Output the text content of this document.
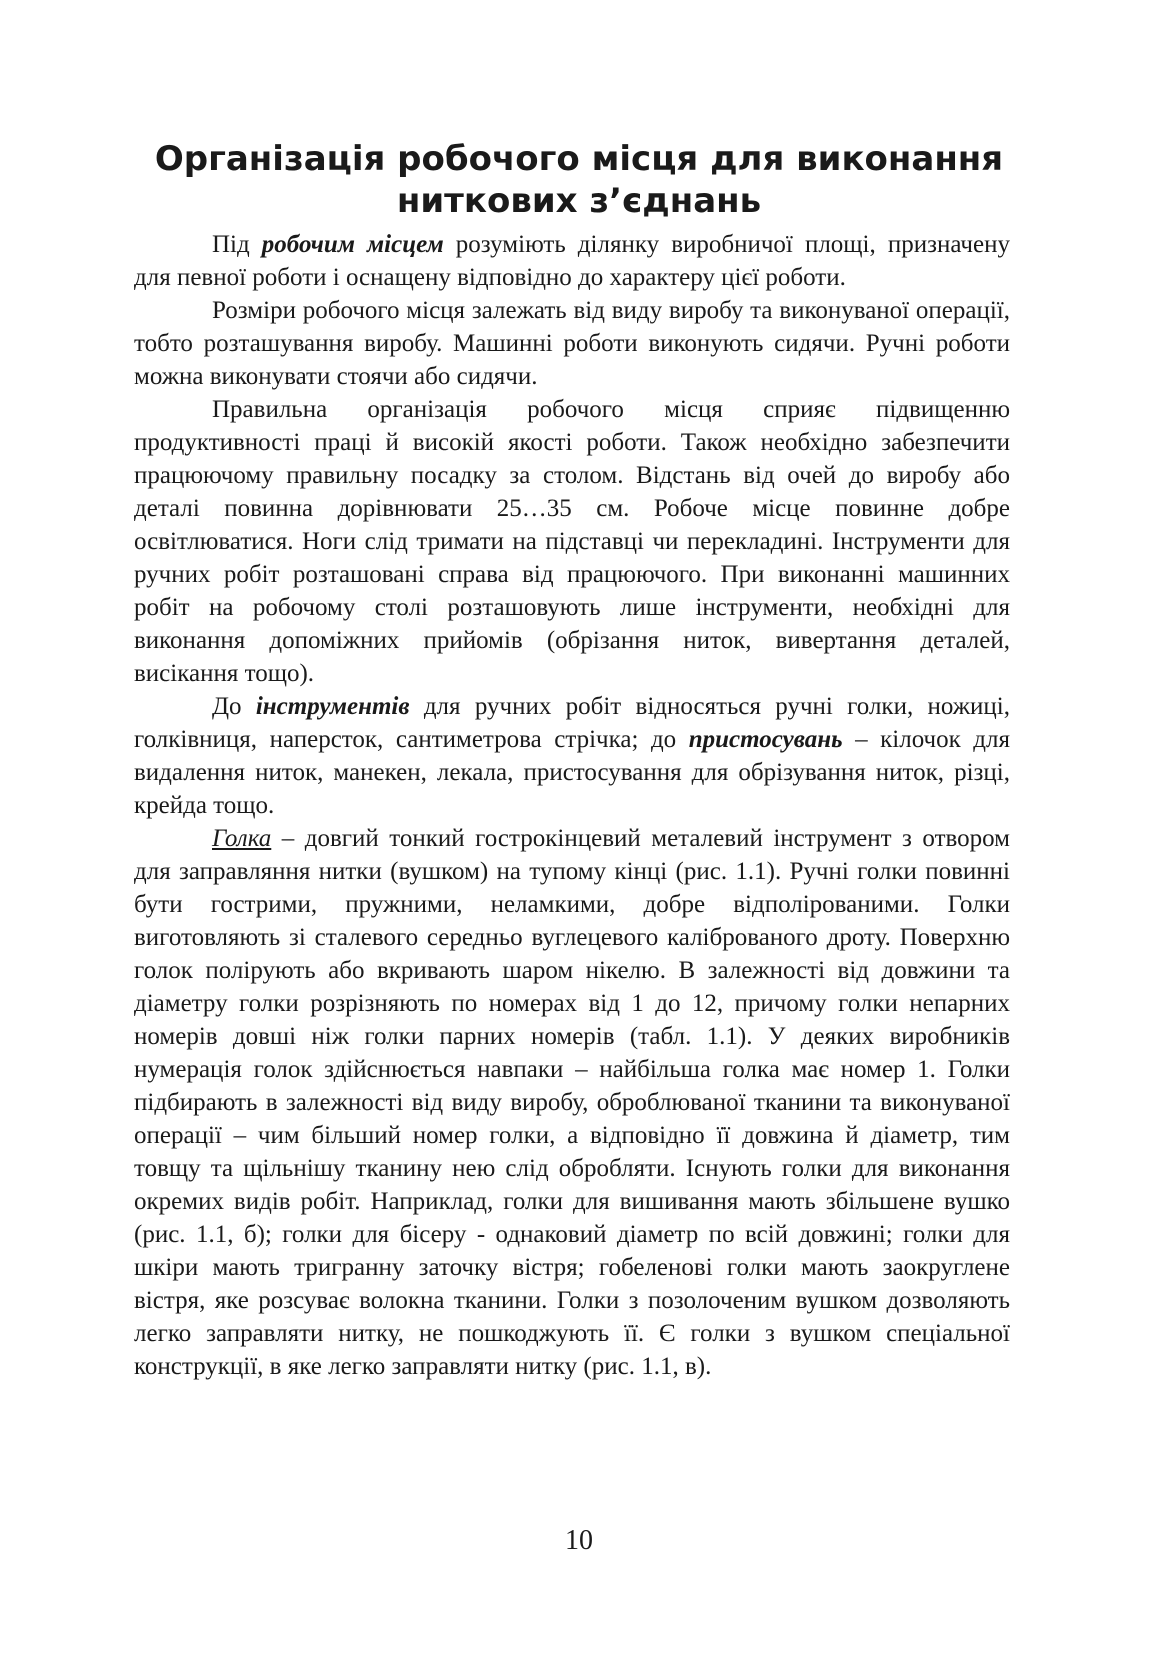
Організація робочого місця для виконання
ниткових з’єднань

Під робочим місцем розуміють ділянку виробничої площі, призначену для певної роботи і оснащену відповідно до характеру цієї роботи.

Розміри робочого місця залежать від виду виробу та виконуваної операції, тобто розташування виробу. Машинні роботи виконують сидячи. Ручні роботи можна виконувати стоячи або сидячи.

Правильна організація робочого місця сприяє підвищенню продуктивності праці й високій якості роботи. Також необхідно забезпечити працюючому правильну посадку за столом. Відстань від очей до виробу або деталі повинна дорівнювати 25…35 см. Робоче місце повинне добре освітлюватися. Ноги слід тримати на підставці чи перекладині. Інструменти для ручних робіт розташовані справа від працюючого. При виконанні машинних робіт на робочому столі розташовують лише інструменти, необхідні для виконання допоміжних прийомів (обрізання ниток, вивертання деталей, висікання тощо).

До інструментів для ручних робіт відносяться ручні голки, ножиці, голківниця, наперсток, сантиметрова стрічка; до пристосувань – кілочок для видалення ниток, манекен, лекала, пристосування для обрізування ниток, різці, крейда тощо.

Голка – довгий тонкий гострокінцевий металевий інструмент з отвором для заправляння нитки (вушком) на тупому кінці (рис. 1.1). Ручні голки повинні бути гострими, пружними, неламкими, добре відполірованими. Голки виготовляють зі сталевого середньо вуглецевого каліброваного дроту. Поверхню голок полірують або вкривають шаром нікелю. В залежності від довжини та діаметру голки розрізняють по номерах від 1 до 12, причому голки непарних номерів довші ніж голки парних номерів (табл. 1.1). У деяких виробників нумерація голок здійснюється навпаки – найбільша голка має номер 1. Голки підбирають в залежності від виду виробу, оброблюваної тканини та виконуваної операції – чим більший номер голки, а відповідно її довжина й діаметр, тим товщу та щільнішу тканину нею слід обробляти. Існують голки для виконання окремих видів робіт. Наприклад, голки для вишивання мають збільшене вушко (рис. 1.1, б); голки для бісеру - однаковий діаметр по всій довжині; голки для шкіри мають тригранну заточку вістря; гобеленові голки мають заокруглене вістря, яке розсуває волокна тканини. Голки з позолоченим вушком дозволяють легко заправляти нитку, не пошкоджують її. Є голки з вушком спеціальної конструкції, в яке легко заправляти нитку (рис. 1.1, в).

10
